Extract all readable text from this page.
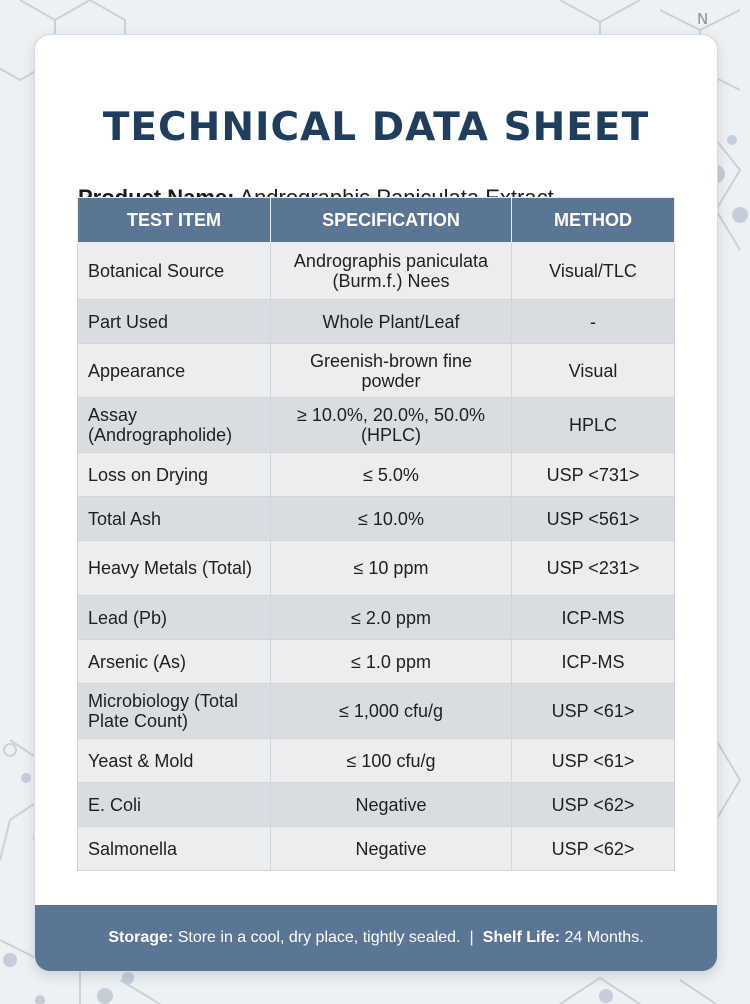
N
TECHNICAL DATA SHEET

TEST ITEM	SPECIFICATION	METHOD
Botanical Source	Andrographis paniculata (Burm.f.) Nees	Visual/TLC
Part Used	Whole Plant/Leaf	-
Appearance	Greenish-brown fine powder	Visual
Assay (Andrographolide)	≥ 10.0%, 20.0%, 50.0% (HPLC)	HPLC
Loss on Drying	≤ 5.0%	USP <731>
Total Ash	≤ 10.0%	USP <561>
Heavy Metals (Total)	≤ 10 ppm	USP <231>
Lead (Pb)	≤ 2.0 ppm	ICP-MS
Arsenic (As)	≤ 1.0 ppm	ICP-MS
Microbiology (Total Plate Count)	≤ 1,000 cfu/g	USP <61>
Yeast & Mold	≤ 100 cfu/g	USP <61>
E. Coli	Negative	USP <62>
Salmonella	Negative	USP <62>
Storage: Store in a cool, dry place, tightly sealed. | Shelf Life: 24 Months.
